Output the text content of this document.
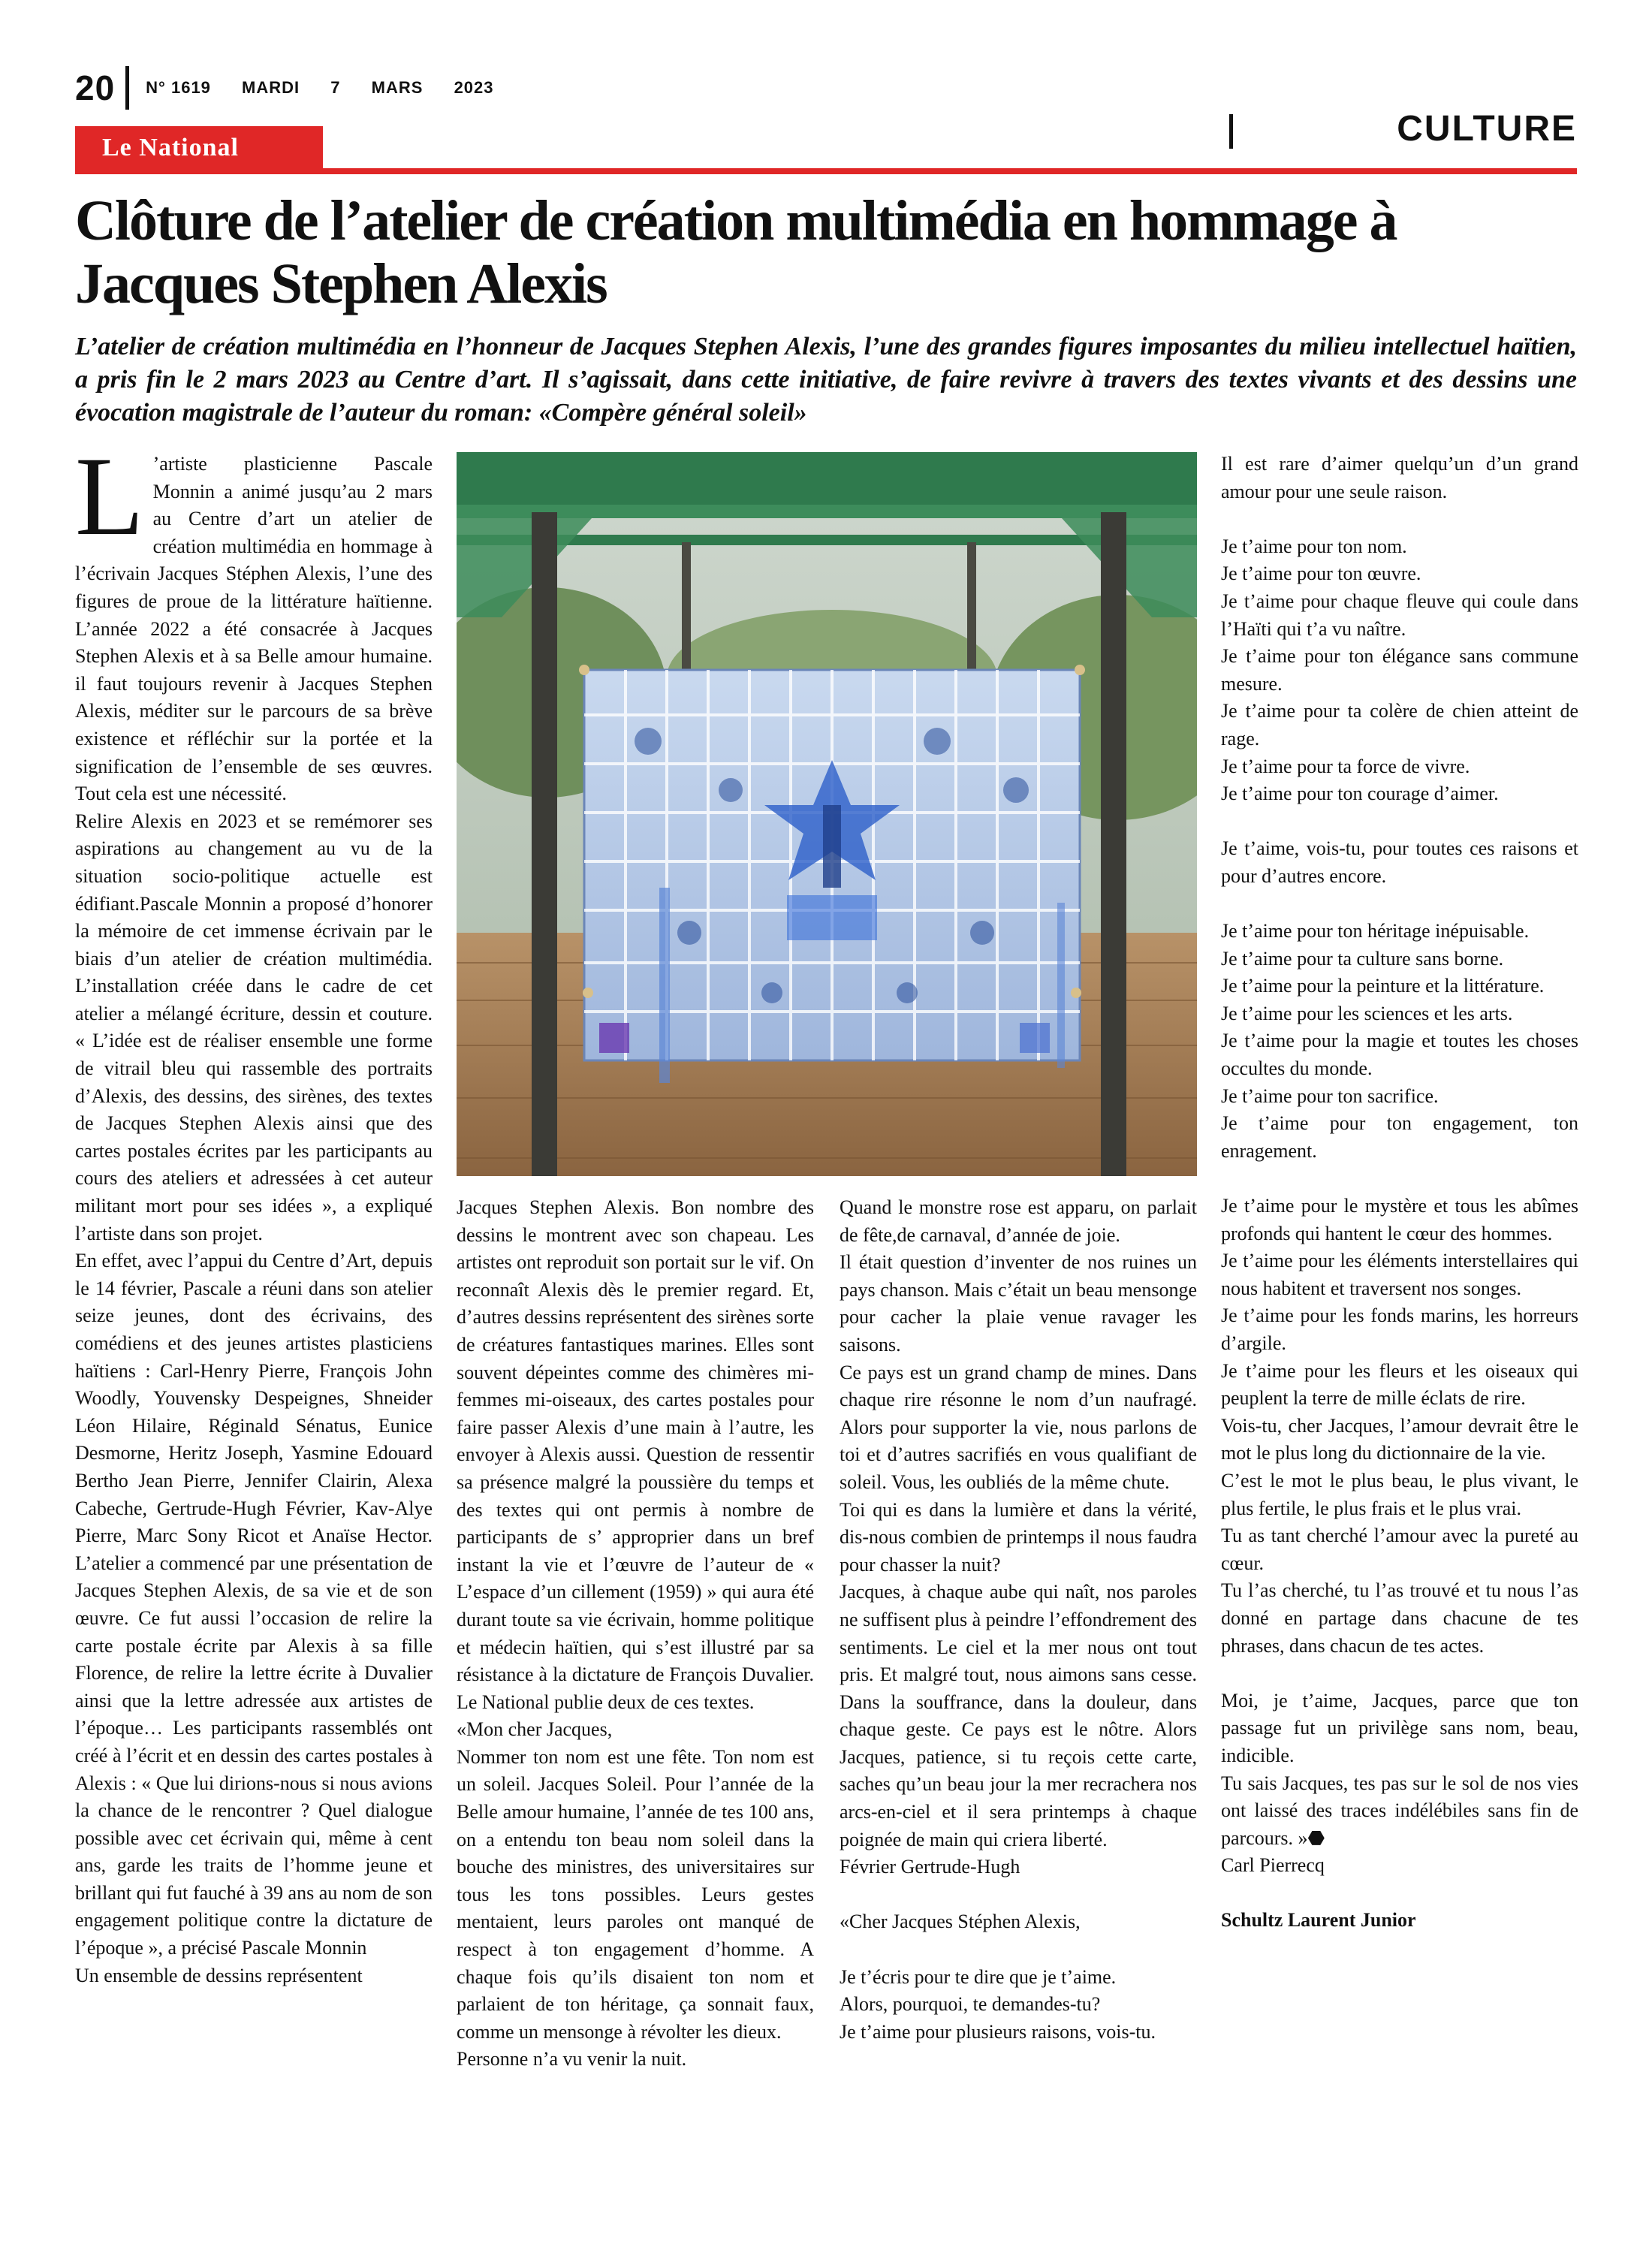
20 N° 1619 MARDI 7 MARS 2023
CULTURE
Le National
Clôture de l’atelier de création multimédia en hommage à Jacques Stephen Alexis

L’atelier de création multimédia en l’honneur de Jacques Stephen Alexis, l’une des grandes figures imposantes du milieu intellectuel haïtien, a pris fin le 2 mars 2023 au Centre d’art. Il s’agissait, dans cette initiative, de faire revivre à travers des textes vivants et des dessins une évocation magistrale de l’auteur du roman: «Compère général soleil»

L ’artiste plasticienne Pascale Monnin a animé jusqu’au 2 mars au Centre d’art un atelier de création multimédia en hommage à l’écrivain Jacques Stéphen Alexis, l’une des figures de proue de la littérature haïtienne. L’année 2022 a été consacrée à Jacques Stephen Alexis et à sa Belle amour humaine. il faut toujours revenir à Jacques Stephen Alexis, méditer sur le parcours de sa brève existence et réfléchir sur la portée et la signification de l’ensemble de ses œuvres. Tout cela est une nécessité.

Relire Alexis en 2023 et se remémorer ses aspirations au changement au vu de la situation socio-politique actuelle est édifiant.Pascale Monnin a proposé d’honorer la mémoire de cet immense écrivain par le biais d’un atelier de création multimédia. L’installation créée dans le cadre de cet atelier a mélangé écriture, dessin et couture. « L’idée est de réaliser ensemble une forme de vitrail bleu qui rassemble des portraits d’Alexis, des dessins, des sirènes, des textes de Jacques Stephen Alexis ainsi que des cartes postales écrites par les participants au cours des ateliers et adressées à cet auteur militant mort pour ses idées », a expliqué l’artiste dans son projet.

En effet, avec l’appui du Centre d’Art, depuis le 14 février, Pascale a réuni dans son atelier seize jeunes, dont des écrivains, des comédiens et des jeunes artistes plasticiens haïtiens : Carl-Henry Pierre, François John Woodly, Youvensky Despeignes, Shneider Léon Hilaire, Réginald Sénatus, Eunice Desmorne, Heritz Joseph, Yasmine Edouard Bertho Jean Pierre, Jennifer Clairin, Alexa Cabeche, Gertrude-Hugh Février, Kav-Alye Pierre, Marc Sony Ricot et Anaïse Hector. L’atelier a commencé par une présentation de Jacques Stephen Alexis, de sa vie et de son œuvre. Ce fut aussi l’occasion de relire la carte postale écrite par Alexis à sa fille Florence, de relire la lettre écrite à Duvalier ainsi que la lettre adressée aux artistes de l’époque… Les participants rassemblés ont créé à l’écrit et en dessin des cartes postales à Alexis : « Que lui dirions-nous si nous avions la chance de le rencontrer ? Quel dialogue possible avec cet écrivain qui, même à cent ans, garde les traits de l’homme jeune et brillant qui fut fauché à 39 ans au nom de son engagement politique contre la dictature de l’époque », a précisé Pascale Monnin

Un ensemble de dessins représentent

Jacques Stephen Alexis. Bon nombre des dessins le montrent avec son chapeau. Les artistes ont reproduit son portait sur le vif. On reconnaît Alexis dès le premier regard. Et, d’autres dessins représentent des sirènes sorte de créatures fantastiques marines. Elles sont souvent dépeintes comme des chimères mi-femmes mi-oiseaux, des cartes postales pour faire passer Alexis d’une main à l’autre, les envoyer à Alexis aussi. Question de ressentir sa présence malgré la poussière du temps et des textes qui ont permis à nombre de participants de s’ approprier dans un bref instant la vie et l’œuvre de l’auteur de « L’espace d’un cillement (1959) » qui aura été durant toute sa vie écrivain, homme politique et médecin haïtien, qui s’est illustré par sa résistance à la dictature de François Duvalier. Le National publie deux de ces textes.

«Mon cher Jacques,

Nommer ton nom est une fête. Ton nom est un soleil. Jacques Soleil. Pour l’année de la Belle amour humaine, l’année de tes 100 ans, on a entendu ton beau nom soleil dans la bouche des ministres, des universitaires sur tous les tons possibles. Leurs gestes mentaient, leurs paroles ont manqué de respect à ton engagement d’homme. A chaque fois qu’ils disaient ton nom et parlaient de ton héritage, ça sonnait faux, comme un mensonge à révolter les dieux.

Personne n’a vu venir la nuit.

Quand le monstre rose est apparu, on parlait de fête,de carnaval, d’année de joie.

Il était question d’inventer de nos ruines un pays chanson. Mais c’était un beau mensonge pour cacher la plaie venue ravager les saisons.

Ce pays est un grand champ de mines. Dans chaque rire résonne le nom d’un naufragé. Alors pour supporter la vie, nous parlons de toi et d’autres sacrifiés en vous qualifiant de soleil. Vous, les oubliés de la même chute.

Toi qui es dans la lumière et dans la vérité, dis-nous combien de printemps il nous faudra pour chasser la nuit?

Jacques, à chaque aube qui naît, nos paroles ne suffisent plus à peindre l’effondrement des sentiments. Le ciel et la mer nous ont tout pris. Et malgré tout, nous aimons sans cesse. Dans la souffrance, dans la douleur, dans chaque geste. Ce pays est le nôtre. Alors Jacques, patience, si tu reçois cette carte, saches qu’un beau jour la mer recrachera nos arcs-en-ciel et il sera printemps à chaque poignée de main qui criera liberté.

Février Gertrude-Hugh

«Cher Jacques Stéphen Alexis,

Je t’écris pour te dire que je t’aime.

Alors, pourquoi, te demandes-tu?

Je t’aime pour plusieurs raisons, vois-tu.

Il est rare d’aimer quelqu’un d’un grand amour pour une seule raison.

Je t’aime pour ton nom.

Je t’aime pour ton œuvre.

Je t’aime pour chaque fleuve qui coule dans l’Haïti qui t’a vu naître.

Je t’aime pour ton élégance sans commune mesure.

Je t’aime pour ta colère de chien atteint de rage.

Je t’aime pour ta force de vivre.

Je t’aime pour ton courage d’aimer.

Je t’aime, vois-tu, pour toutes ces raisons et pour d’autres encore.

Je t’aime pour ton héritage inépuisable.

Je t’aime pour ta culture sans borne.

Je t’aime pour la peinture et la littérature.

Je t’aime pour les sciences et les arts.

Je t’aime pour la magie et toutes les choses occultes du monde.

Je t’aime pour ton sacrifice.

Je t’aime pour ton engagement, ton enragement.

Je t’aime pour le mystère et tous les abîmes profonds qui hantent le cœur des hommes.

Je t’aime pour les éléments interstellaires qui nous habitent et traversent nos songes.

Je t’aime pour les fonds marins, les horreurs d’argile.

Je t’aime pour les fleurs et les oiseaux qui peuplent la terre de mille éclats de rire.

Vois-tu, cher Jacques, l’amour devrait être le mot le plus long du dictionnaire de la vie.

C’est le mot le plus beau, le plus vivant, le plus fertile, le plus frais et le plus vrai.

Tu as tant cherché l’amour avec la pureté au cœur.

Tu l’as cherché, tu l’as trouvé et tu nous l’as donné en partage dans chacune de tes phrases, dans chacun de tes actes.

Moi, je t’aime, Jacques, parce que ton passage fut un privilège sans nom, beau, indicible.

Tu sais Jacques, tes pas sur le sol de nos vies ont laissé des traces indélébiles sans fin de parcours. »⬣

Carl Pierrecq

Schultz Laurent Junior
